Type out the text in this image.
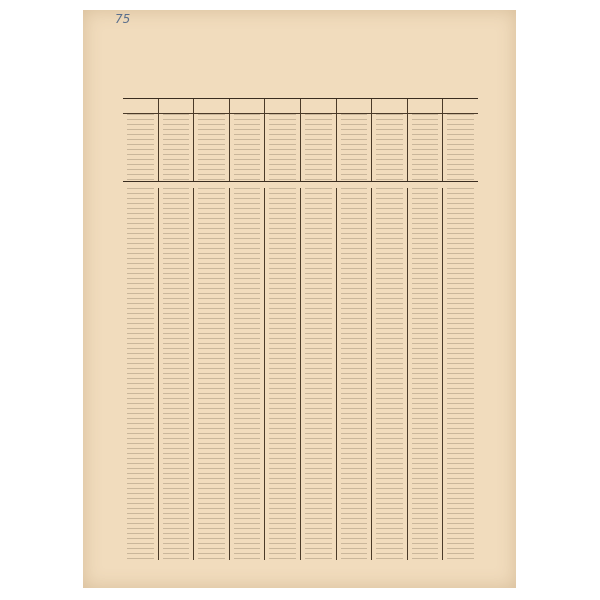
75
